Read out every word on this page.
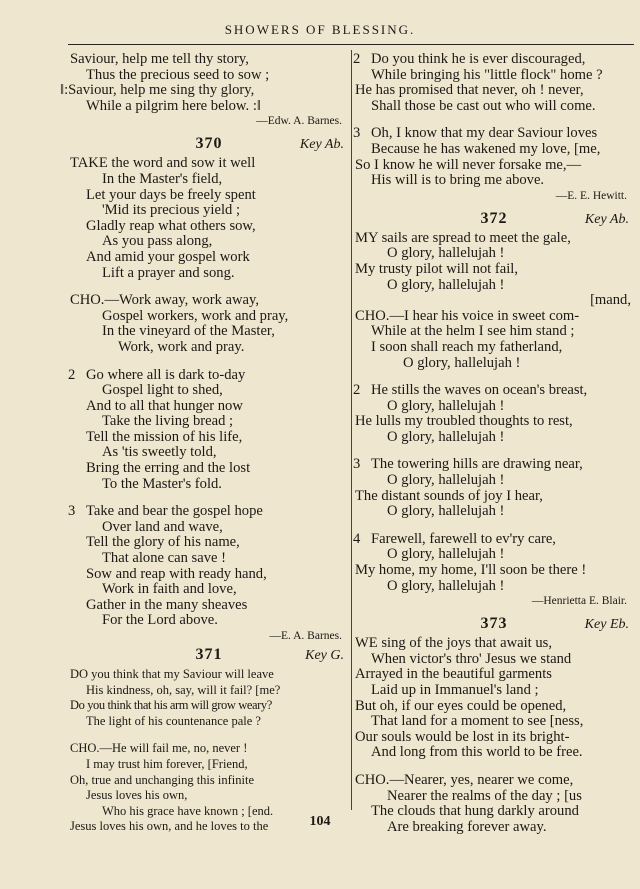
SHOWERS OF BLESSING.
Saviour, help me tell thy story,
Thus the precious seed to sow ;
‖:Saviour, help me sing thy glory,
While a pilgrim here below. :‖
—Edw. A. Barnes.
370	Key Ab.
TAKE the word and sow it well
In the Master's field,
Let your days be freely spent
'Mid its precious yield ;
Gladly reap what others sow,
As you pass along,
And amid your gospel work
Lift a prayer and song.
CHO.—Work away, work away,
Gospel workers, work and pray,
In the vineyard of the Master,
Work, work and pray.
2 Go where all is dark to-day
Gospel light to shed,
And to all that hunger now
Take the living bread ;
Tell the mission of his life,
As 'tis sweetly told,
Bring the erring and the lost
To the Master's fold.
3 Take and bear the gospel hope
Over land and wave,
Tell the glory of his name,
That alone can save !
Sow and reap with ready hand,
Work in faith and love,
Gather in the many sheaves
For the Lord above.
—E. A. Barnes.
371	Key G.
DO you think that my Saviour will leave
His kindness, oh, say, will it fail? [me?
Do you think that his arm will grow weary?
The light of his countenance pale ?
CHO.—He will fail me, no, never !
I may trust him forever, [Friend,
Oh, true and unchanging this infinite
Jesus loves his own,
Who his grace have known ; [end.
Jesus loves his own, and he loves to the
2 Do you think he is ever discouraged,
While bringing his "little flock" home ?
He has promised that never, oh ! never,
Shall those be cast out who will come.
3 Oh, I know that my dear Saviour loves
Because he has wakened my love, [me,
So I know he will never forsake me,—
His will is to bring me above.
—E. E. Hewitt.
372	Key Ab.
MY sails are spread to meet the gale,
O glory, hallelujah !
My trusty pilot will not fail,
O glory, hallelujah !
[mand,
CHO.—I hear his voice in sweet com-
While at the helm I see him stand ;
I soon shall reach my fatherland,
O glory, hallelujah !
2 He stills the waves on ocean's breast,
O glory, hallelujah !
He lulls my troubled thoughts to rest,
O glory, hallelujah !
3 The towering hills are drawing near,
O glory, hallelujah !
The distant sounds of joy I hear,
O glory, hallelujah !
4 Farewell, farewell to ev'ry care,
O glory, hallelujah !
My home, my home, I'll soon be there !
O glory, hallelujah !
—Henrietta E. Blair.
373	Key Eb.
WE sing of the joys that await us,
When victor's thro' Jesus we stand
Arrayed in the beautiful garments
Laid up in Immanuel's land ;
But oh, if our eyes could be opened,
That land for a moment to see [ness,
Our souls would be lost in its bright-
And long from this world to be free.
CHO.—Nearer, yes, nearer we come,
Nearer the realms of the day ; [us
The clouds that hung darkly around
Are breaking forever away.
104
